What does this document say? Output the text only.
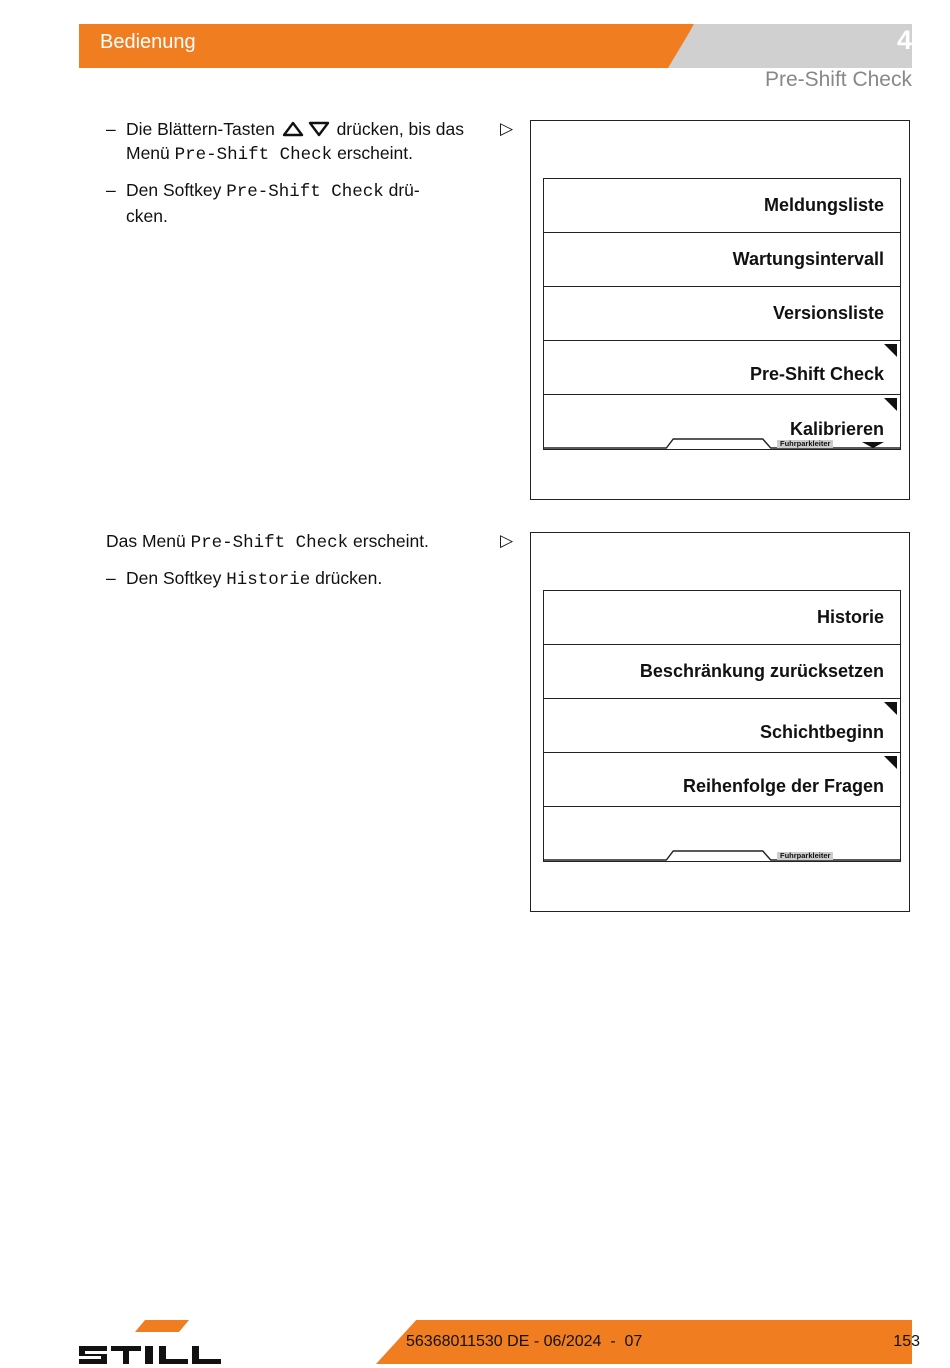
Bedienung	4
Pre-Shift Check
– Die Blättern-Tasten	drücken, bis das
Menü Pre-Shift Check erscheint.
– Den Softkey Pre-Shift Check drü-
cken.
▷
Meldungsliste
Wartungsintervall
Versionsliste
Pre-Shift Check
Kalibrieren
Fuhrparkleiter
Das Menü Pre-Shift Check erscheint.
– Den Softkey Historie drücken.
▷
Historie
Beschränkung zurücksetzen
Schichtbeginn
Reihenfolge der Fragen
Fuhrparkleiter
56368011530 DE - 06/2024  -  07	153
